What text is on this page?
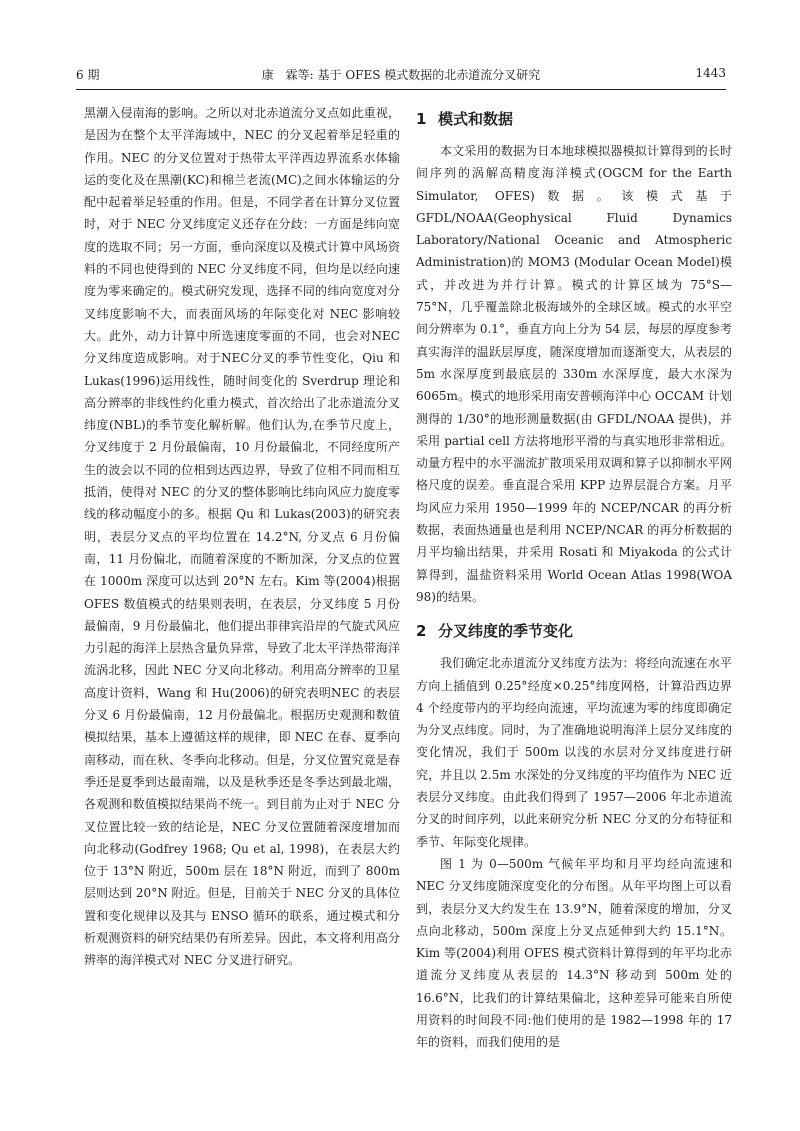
6 期	康　霖等: 基于 OFES 模式数据的北赤道流分叉研究	1443

黑潮入侵南海的影响。之所以对北赤道流分叉点如此重视，是因为在整个太平洋海域中，NEC 的分叉起着举足轻重的作用。NEC 的分叉位置对于热带太平洋西边界流系水体输运的变化及在黑潮(KC)和棉兰老流(MC)之间水体输运的分配中起着举足轻重的作用。但是，不同学者在计算分叉位置时，对于 NEC 分叉纬度定义还存在分歧：一方面是纬向宽度的选取不同；另一方面，垂向深度以及模式计算中风场资料的不同也使得到的 NEC 分叉纬度不同，但均是以经向速度为零来确定的。模式研究发现，选择不同的纬向宽度对分叉纬度影响不大，而表面风场的年际变化对 NEC 影响较大。此外，动力计算中所选速度零面的不同，也会对NEC分叉纬度造成影响。对于NEC分叉的季节性变化，Qiu 和 Lukas(1996)运用线性，随时间变化的 Sverdrup 理论和高分辨率的非线性约化重力模式，首次给出了北赤道流分叉纬度(NBL)的季节变化解析解。他们认为,在季节尺度上，分叉纬度于 2 月份最偏南，10 月份最偏北，不同经度所产生的波会以不同的位相到达西边界，导致了位相不同而相互抵消，使得对 NEC 的分叉的整体影响比纬向风应力旋度零线的移动幅度小的多。根据 Qu 和 Lukas(2003)的研究表明，表层分叉点的平均位置在 14.2°N, 分叉点 6 月份偏南，11 月份偏北，而随着深度的不断加深，分叉点的位置在 1000m 深度可以达到 20°N 左右。Kim 等(2004)根据 OFES 数值模式的结果则表明，在表层，分叉纬度 5 月份最偏南，9 月份最偏北，他们提出菲律宾沿岸的气旋式风应力引起的海洋上层热含量负异常，导致了北太平洋热带海洋流涡北移，因此 NEC 分叉向北移动。利用高分辨率的卫星高度计资料，Wang 和 Hu(2006)的研究表明NEC 的表层分叉 6 月份最偏南，12 月份最偏北。根据历史观测和数值模拟结果，基本上遵循这样的规律，即 NEC 在春、夏季向南移动，而在秋、冬季向北移动。但是，分叉位置究竟是春季还是夏季到达最南端，以及是秋季还是冬季达到最北端，各观测和数值模拟结果尚不统一。到目前为止对于 NEC 分叉位置比较一致的结论是，NEC 分叉位置随着深度增加而向北移动(Godfrey 1968; Qu et al, 1998)，在表层大约位于 13°N 附近，500m 层在 18°N 附近，而到了 800m 层则达到 20°N 附近。但是，目前关于 NEC 分叉的具体位置和变化规律以及其与 ENSO 循环的联系，通过模式和分析观测资料的研究结果仍有所差异。因此，本文将利用高分辨率的海洋模式对 NEC 分叉进行研究。

1 模式和数据

本文采用的数据为日本地球模拟器模拟计算得到的长时间序列的涡解高精度海洋模式(OGCM for the Earth Simulator, OFES)数据。该模式基于 GFDL/NOAA(Geophysical Fluid Dynamics Laboratory/National Oceanic and Atmospheric Administration)的 MOM3 (Modular Ocean Model)模式，并改进为并行计算。模式的计算区域为 75°S—75°N，几乎覆盖除北极海域外的全球区域。模式的水平空间分辨率为 0.1°，垂直方向上分为 54 层，每层的厚度参考真实海洋的温跃层厚度，随深度增加而逐渐变大，从表层的 5m 水深厚度到最底层的 330m 水深厚度，最大水深为 6065m。模式的地形采用南安普顿海洋中心 OCCAM 计划测得的 1/30°的地形测量数据(由 GFDL/NOAA 提供)，并采用 partial cell 方法将地形平滑的与真实地形非常相近。动量方程中的水平湍流扩散项采用双调和算子以抑制水平网格尺度的误差。垂直混合采用 KPP 边界层混合方案。月平均风应力采用 1950—1999 年的 NCEP/NCAR 的再分析数据，表面热通量也是利用 NCEP/NCAR 的再分析数据的月平均输出结果，并采用 Rosati 和 Miyakoda 的公式计算得到，温盐资料采用 World Ocean Atlas 1998(WOA 98)的结果。

2 分叉纬度的季节变化

我们确定北赤道流分叉纬度方法为：将经向流速在水平方向上插值到 0.25°经度×0.25°纬度网格，计算沿西边界 4 个经度带内的平均经向流速，平均流速为零的纬度即确定为分叉点纬度。同时，为了准确地说明海洋上层分叉纬度的变化情况，我们于 500m 以浅的水层对分叉纬度进行研究，并且以 2.5m 水深处的分叉纬度的平均值作为 NEC 近表层分叉纬度。由此我们得到了 1957—2006 年北赤道流分叉的时间序列，以此来研究分析 NEC 分叉的分布特征和季节、年际变化规律。

图 1 为 0—500m 气候年平均和月平均经向流速和 NEC 分叉纬度随深度变化的分布图。从年平均图上可以看到，表层分叉大约发生在 13.9°N，随着深度的增加，分叉点向北移动，500m 深度上分叉点延伸到大约 15.1°N。Kim 等(2004)利用 OFES 模式资料计算得到的年平均北赤道流分叉纬度从表层的 14.3°N 移动到 500m 处的 16.6°N，比我们的计算结果偏北，这种差异可能来自所使用资料的时间段不同:他们使用的是 1982—1998 年的 17 年的资料，而我们使用的是
